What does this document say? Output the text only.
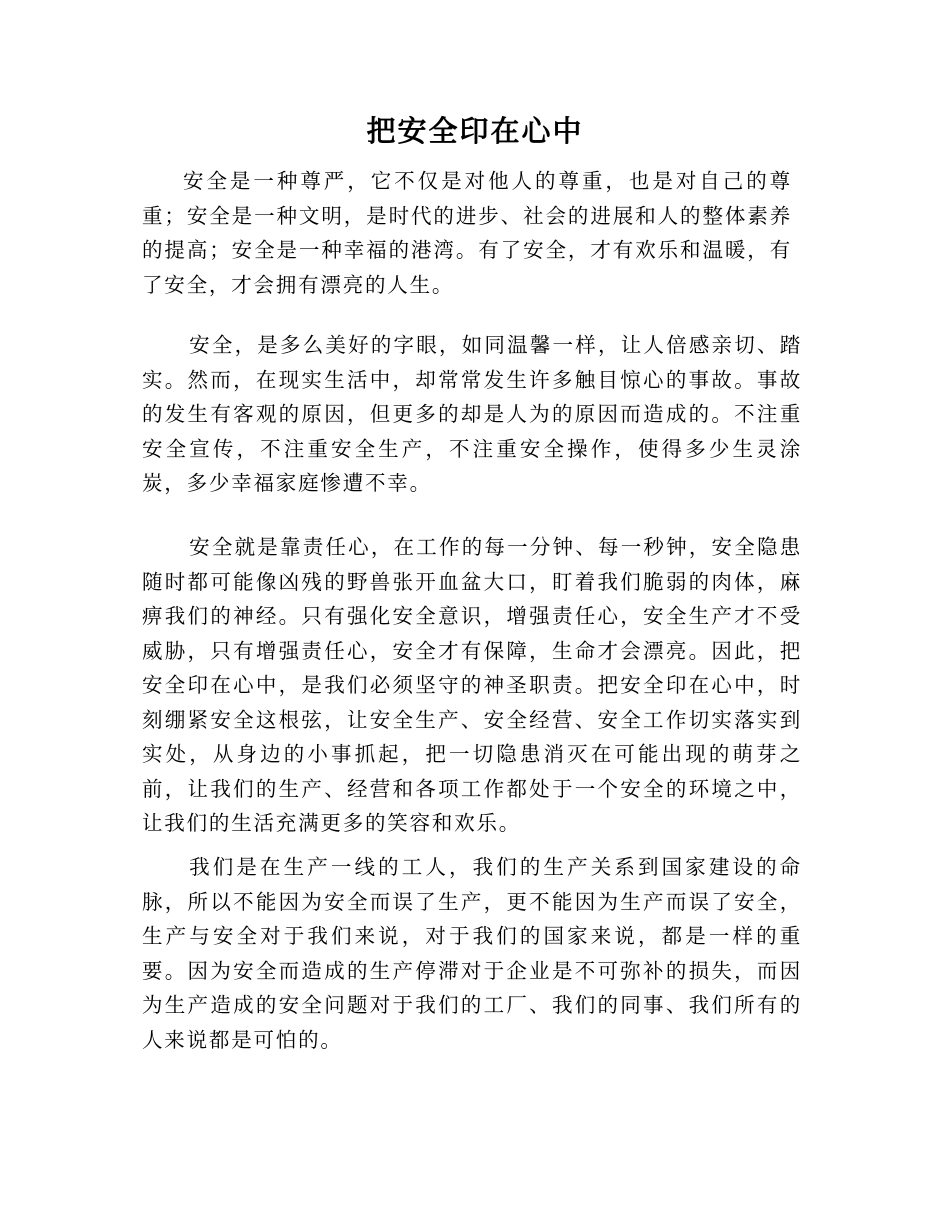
把安全印在心中

安全是一种尊严，它不仅是对他人的尊重，也是对自己的尊重；安全是一种文明，是时代的进步、社会的进展和人的整体素养的提高；安全是一种幸福的港湾。有了安全，才有欢乐和温暖，有了安全，才会拥有漂亮的人生。

安全，是多么美好的字眼，如同温馨一样，让人倍感亲切、踏实。然而，在现实生活中，却常常发生许多触目惊心的事故。事故的发生有客观的原因，但更多的却是人为的原因而造成的。不注重安全宣传，不注重安全生产，不注重安全操作，使得多少生灵涂炭，多少幸福家庭惨遭不幸。

安全就是靠责任心，在工作的每一分钟、每一秒钟，安全隐患随时都可能像凶残的野兽张开血盆大口，盯着我们脆弱的肉体，麻痹我们的神经。只有强化安全意识，增强责任心，安全生产才不受威胁，只有增强责任心，安全才有保障，生命才会漂亮。因此，把安全印在心中，是我们必须坚守的神圣职责。把安全印在心中，时刻绷紧安全这根弦，让安全生产、安全经营、安全工作切实落实到实处，从身边的小事抓起，把一切隐患消灭在可能出现的萌芽之前，让我们的生产、经营和各项工作都处于一个安全的环境之中，让我们的生活充满更多的笑容和欢乐。

我们是在生产一线的工人，我们的生产关系到国家建设的命脉，所以不能因为安全而误了生产，更不能因为生产而误了安全，生产与安全对于我们来说，对于我们的国家来说，都是一样的重要。因为安全而造成的生产停滞对于企业是不可弥补的损失，而因为生产造成的安全问题对于我们的工厂、我们的同事、我们所有的人来说都是可怕的。
